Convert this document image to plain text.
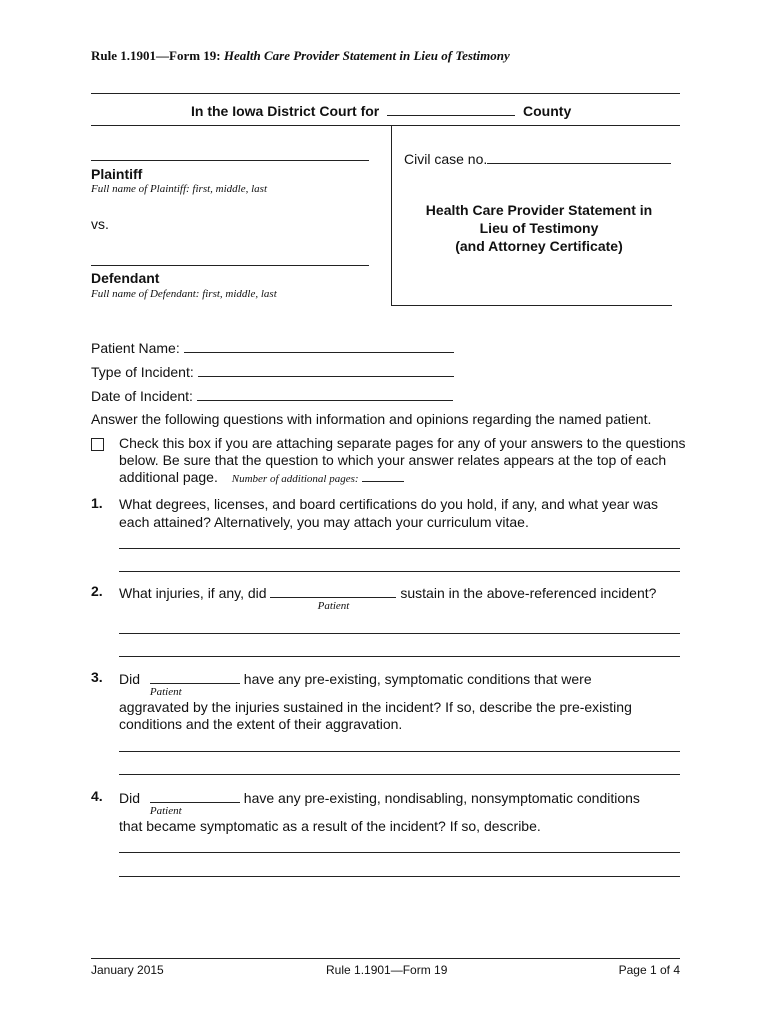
Rule 1.1901—Form 19: Health Care Provider Statement in Lieu of Testimony
In the Iowa District Court for	County
Plaintiff
Full name of Plaintiff: first, middle, last
vs.
Defendant
Full name of Defendant: first, middle, last
Civil case no.
Health Care Provider Statement in
Lieu of Testimony
(and Attorney Certificate)
Patient Name:
Type of Incident:
Date of Incident:
Answer the following questions with information and opinions regarding the named patient.
Check this box if you are attaching separate pages for any of your answers to the questions
below. Be sure that the question to which your answer relates appears at the top of each
additional page. Number of additional pages:
1. What degrees, licenses, and board certifications do you hold, if any, and what year was
each attained? Alternatively, you may attach your curriculum vitae.
2. What injuries, if any, did
Patient
sustain in the above-referenced incident?
3. Did
Patient
have any pre-existing, symptomatic conditions that were
aggravated by the injuries sustained in the incident? If so, describe the pre-existing
conditions and the extent of their aggravation.
4. Did
Patient
have any pre-existing, nondisabling, nonsymptomatic conditions
that became symptomatic as a result of the incident? If so, describe.
January 2015	Rule 1.1901—Form 19	Page 1 of 4
